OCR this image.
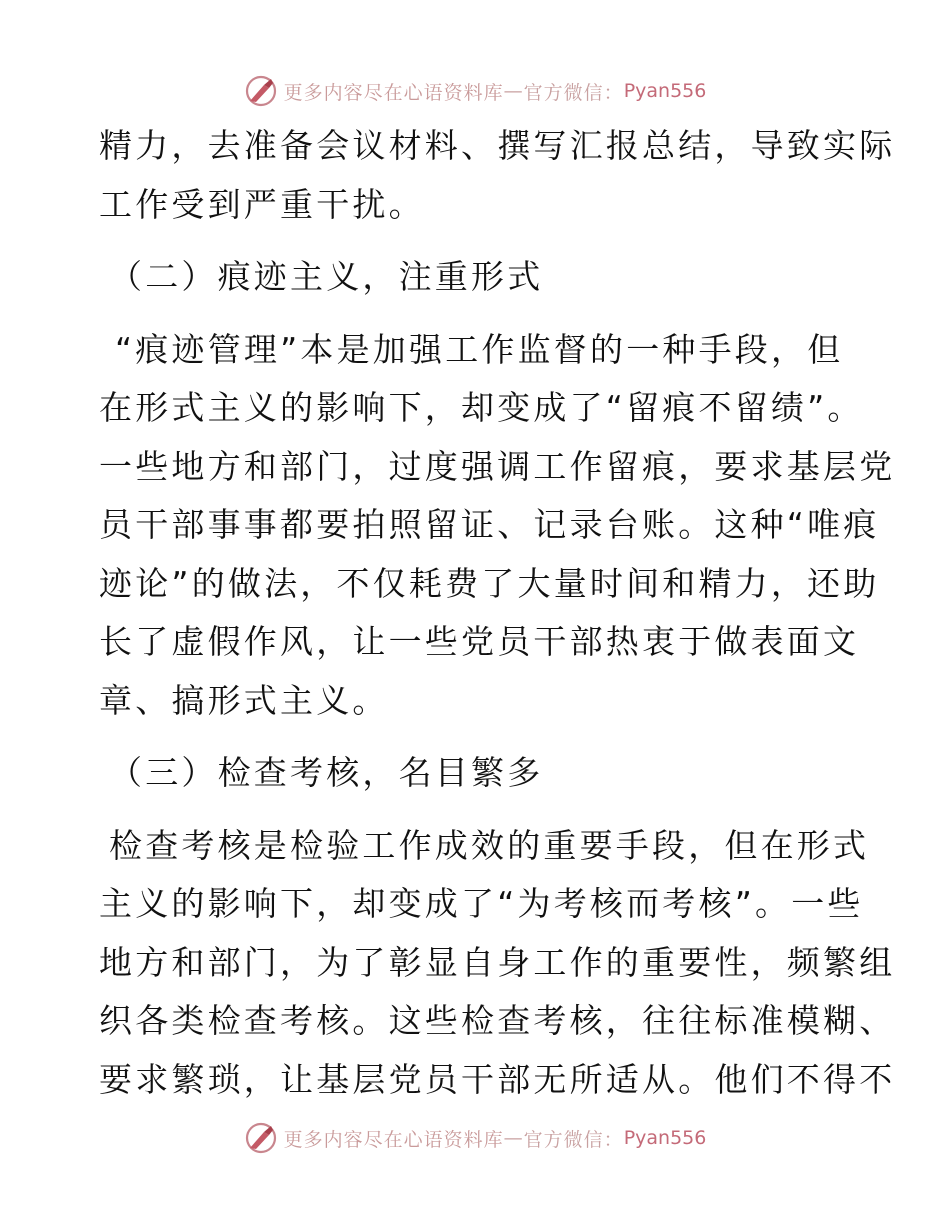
更多内容尽在心语资料库 — 官方微信： Pyan556

精力，去准备会议材料、撰写汇报总结，导致实际

工作受到严重干扰。

（二）痕迹主义，注重形式

“痕迹管理”本是加强工作监督的一种手段，但

在形式主义的影响下，却变成了“留痕不留绩”。

一些地方和部门，过度强调工作留痕，要求基层党

员干部事事都要拍照留证、记录台账。这种“唯痕

迹论”的做法，不仅耗费了大量时间和精力，还助

长了虚假作风，让一些党员干部热衷于做表面文

章、搞形式主义。

（三）检查考核，名目繁多

检查考核是检验工作成效的重要手段，但在形式

主义的影响下，却变成了“为考核而考核”。一些

地方和部门，为了彰显自身工作的重要性，频繁组

织各类检查考核。这些检查考核，往往标准模糊、

要求繁琐，让基层党员干部无所适从。他们不得不

更多内容尽在心语资料库 — 官方微信： Pyan556
